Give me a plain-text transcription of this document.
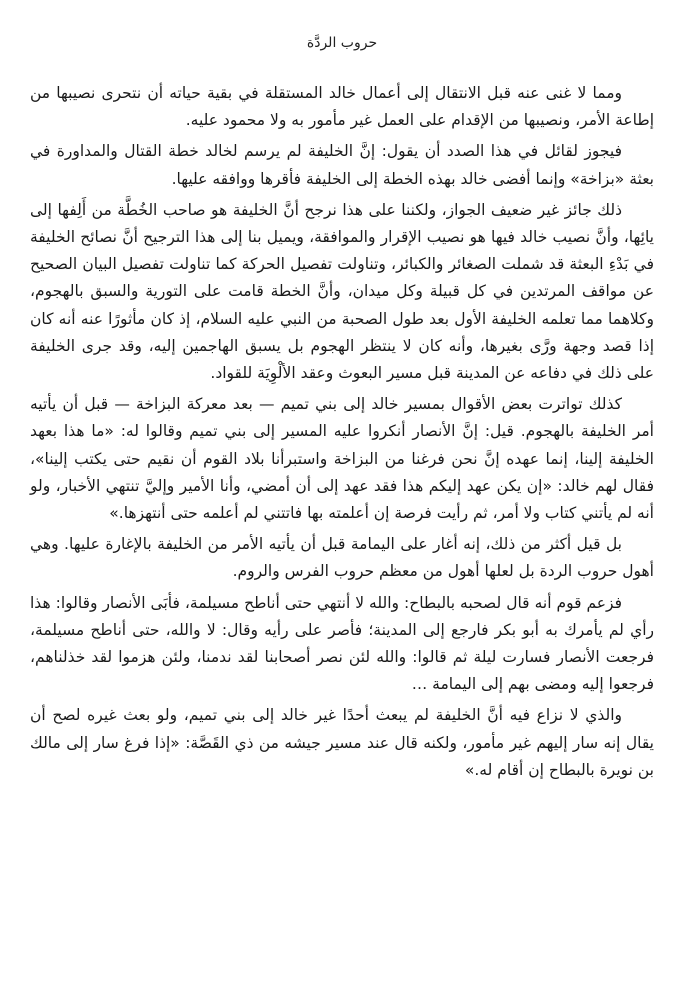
حروب الردَّة

ومما لا غنى عنه قبل الانتقال إلى أعمال خالد المستقلة في بقية حياته أن نتحرى نصيبها من إطاعة الأمر، ونصيبها من الإقدام على العمل غير مأمور به ولا محمود عليه.

فيجوز لقائل في هذا الصدد أن يقول: إنَّ الخليفة لم يرسم لخالد خطة القتال والمداورة في بعثة «بزاخة» وإنما أفضى خالد بهذه الخطة إلى الخليفة فأقرها ووافقه عليها.

ذلك جائز غير ضعيف الجواز، ولكننا على هذا نرجح أنَّ الخليفة هو صاحب الخُطَّة من أَلِفها إلى يائِها، وأنَّ نصيب خالد فيها هو نصيب الإقرار والموافقة، ويميل بنا إلى هذا الترجيح أنَّ نصائح الخليفة في بَدْءِ البعثة قد شملت الصغائر والكبائر، وتناولت تفصيل الحركة كما تناولت تفصيل البيان الصحيح عن مواقف المرتدين في كل قبيلة وكل ميدان، وأنَّ الخطة قامت على التورية والسبق بالهجوم، وكلاهما مما تعلمه الخليفة الأول بعد طول الصحبة من النبي عليه السلام، إذ كان مأثورًا عنه أنه كان إذا قصد وجهة ورَّى بغيرها، وأنه كان لا ينتظر الهجوم بل يسبق الهاجمين إليه، وقد جرى الخليفة على ذلك في دفاعه عن المدينة قبل مسير البعوث وعقد الألْوِيَة للقواد.

كذلك تواترت بعض الأقوال بمسير خالد إلى بني تميم — بعد معركة البزاخة — قبل أن يأتيه أمر الخليفة بالهجوم. قيل: إنَّ الأنصار أنكروا عليه المسير إلى بني تميم وقالوا له: «ما هذا بعهد الخليفة إلينا، إنما عهده إنَّ نحن فرغنا من البزاخة واستبرأنا بلاد القوم أن نقيم حتى يكتب إلينا»، فقال لهم خالد: «إن يكن عهد إليكم هذا فقد عهد إلى أن أمضي، وأنا الأمير وإليَّ تنتهي الأخبار، ولو أنه لم يأتني كتاب ولا أمر، ثم رأيت فرصة إن أعلمته بها فاتتني لم أعلمه حتى أنتهزها.»

بل قيل أكثر من ذلك، إنه أغار على اليمامة قبل أن يأتيه الأمر من الخليفة بالإغارة عليها. وهي أهول حروب الردة بل لعلها أهول من معظم حروب الفرس والروم.

فزعم قوم أنه قال لصحبه بالبطاح: والله لا أنتهي حتى أناطح مسيلمة، فأبَى الأنصار وقالوا: هذا رأي لم يأمرك به أبو بكر فارجع إلى المدينة؛ فأصر على رأيه وقال: لا والله، حتى أناطح مسيلمة، فرجعت الأنصار فسارت ليلة ثم قالوا: والله لئن نصر أصحابنا لقد ندمنا، ولئن هزموا لقد خذلناهم، فرجعوا إليه ومضى بهم إلى اليمامة …

والذي لا نزاع فيه أنَّ الخليفة لم يبعث أحدًا غير خالد إلى بني تميم، ولو بعث غيره لصح أن يقال إنه سار إليهم غير مأمور، ولكنه قال عند مسير جيشه من ذي القَصَّة: «إذا فرغ سار إلى مالك بن نويرة بالبطاح إن أقام له.»
